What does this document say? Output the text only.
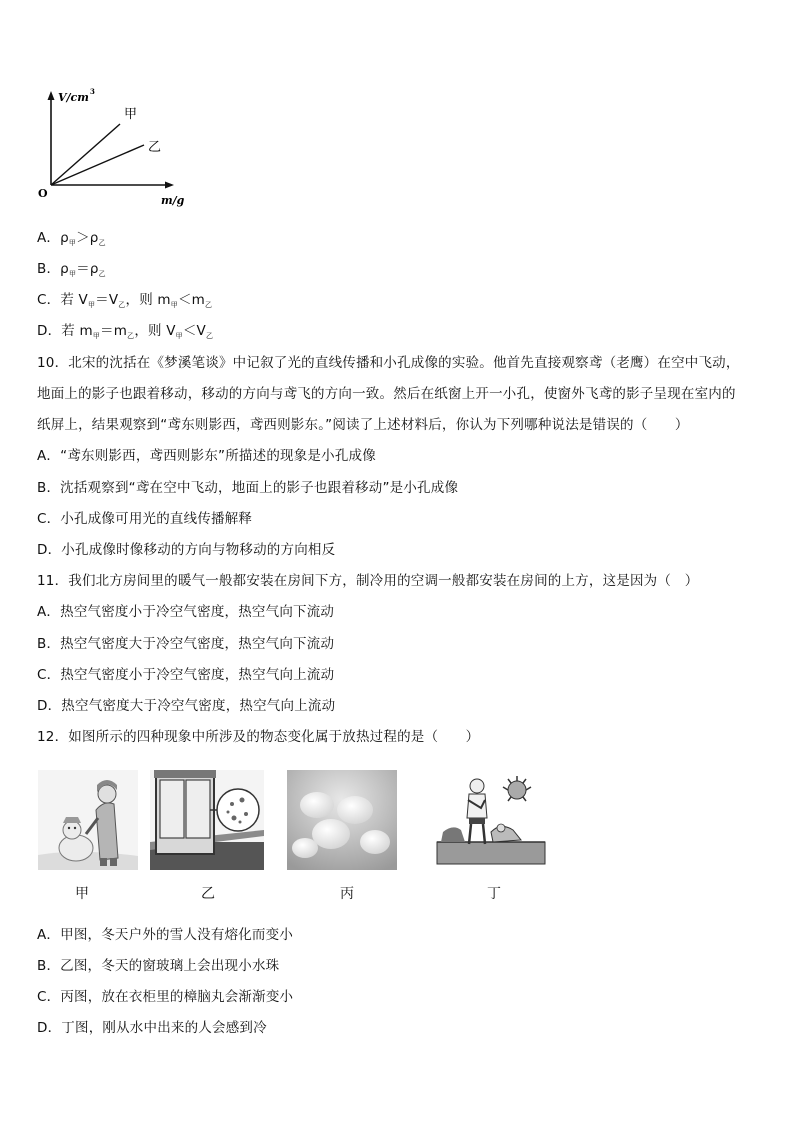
V/cm 3
m/g
O
甲
乙
A．$\rho_甲>\rho_乙$
B．$\rho_甲=\rho_乙$
C．若 $V_甲=V_乙$，则 $m_甲<m_乙$
D．若 $m_甲=m_乙$，则 $V_甲<V_乙$
10．北宋的沈括在《梦溪笔谈》中记叙了光的直线传播和小孔成像的实验。他首先直接观察鸢（老鹰）在空中飞动，
地面上的影子也跟着移动，移动的方向与鸢飞的方向一致。然后在纸窗上开一小孔，使窗外飞鸢的影子呈现在室内的
纸屏上，结果观察到“鸢东则影西，鸢西则影东。”阅读了上述材料后，你认为下列哪种说法是错误的（　　）
A．“鸢东则影西，鸢西则影东”所描述的现象是小孔成像
B．沈括观察到“鸢在空中飞动，地面上的影子也跟着移动”是小孔成像
C．小孔成像可用光的直线传播解释
D．小孔成像时像移动的方向与物移动的方向相反
11．我们北方房间里的暖气一般都安装在房间下方，制冷用的空调一般都安装在房间的上方，这是因为（　）
A．热空气密度小于冷空气密度，热空气向下流动
B．热空气密度大于冷空气密度，热空气向下流动
C．热空气密度小于冷空气密度，热空气向上流动
D．热空气密度大于冷空气密度，热空气向上流动
12．如图所示的四种现象中所涉及的物态变化属于放热过程的是（　　）
甲	乙	丙	丁
A．甲图，冬天户外的雪人没有熔化而变小
B．乙图，冬天的窗玻璃上会出现小水珠
C．丙图，放在衣柜里的樟脑丸会渐渐变小
D．丁图，刚从水中出来的人会感到冷
